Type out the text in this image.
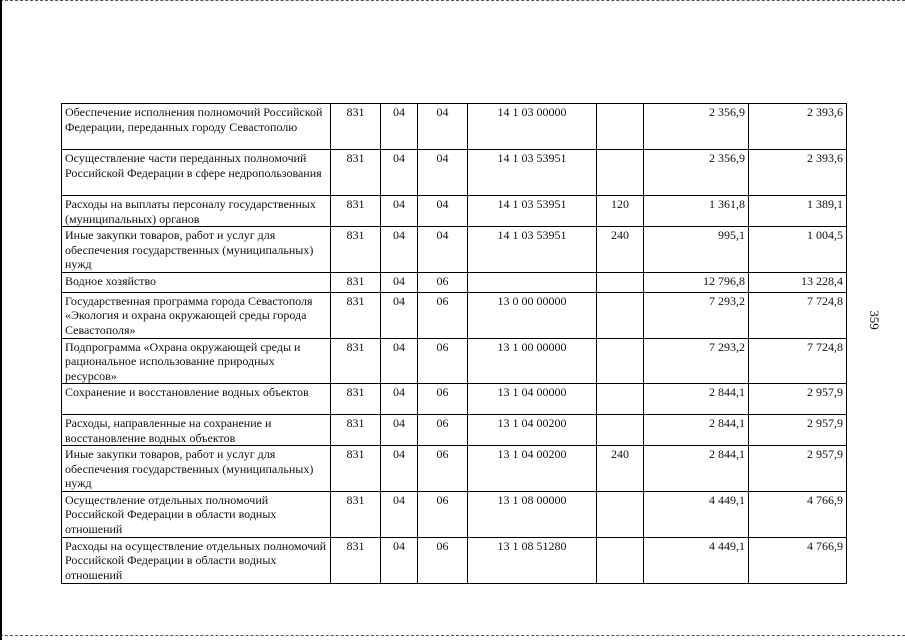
Обеспечение исполнения полномочий Российской Федерации, переданных городу Севастополю	831	04	04	14 1 03 00000		2 356,9	2 393,6
Осуществление части переданных полномочий Российской Федерации в сфере недропользования	831	04	04	14 1 03 53951		2 356,9	2 393,6
Расходы на выплаты персоналу государственных (муниципальных) органов	831	04	04	14 1 03 53951	120	1 361,8	1 389,1
Иные закупки товаров, работ и услуг для обеспечения государственных (муниципальных) нужд	831	04	04	14 1 03 53951	240	995,1	1 004,5
Водное хозяйство	831	04	06			12 796,8	13 228,4
Государственная программа города Севастополя «Экология и охрана окружающей среды города Севастополя»	831	04	06	13 0 00 00000		7 293,2	7 724,8
Подпрограмма «Охрана окружающей среды и рациональное использование природных ресурсов»	831	04	06	13 1 00 00000		7 293,2	7 724,8
Сохранение и восстановление водных объектов	831	04	06	13 1 04 00000		2 844,1	2 957,9
Расходы, направленные на сохранение и восстановление водных объектов	831	04	06	13 1 04 00200		2 844,1	2 957,9
Иные закупки товаров, работ и услуг для обеспечения государственных (муниципальных) нужд	831	04	06	13 1 04 00200	240	2 844,1	2 957,9
Осуществление отдельных полномочий Российской Федерации в области водных отношений	831	04	06	13 1 08 00000		4 449,1	4 766,9
Расходы на осуществление отдельных полномочий Российской Федерации в области водных отношений	831	04	06	13 1 08 51280		4 449,1	4 766,9
359
